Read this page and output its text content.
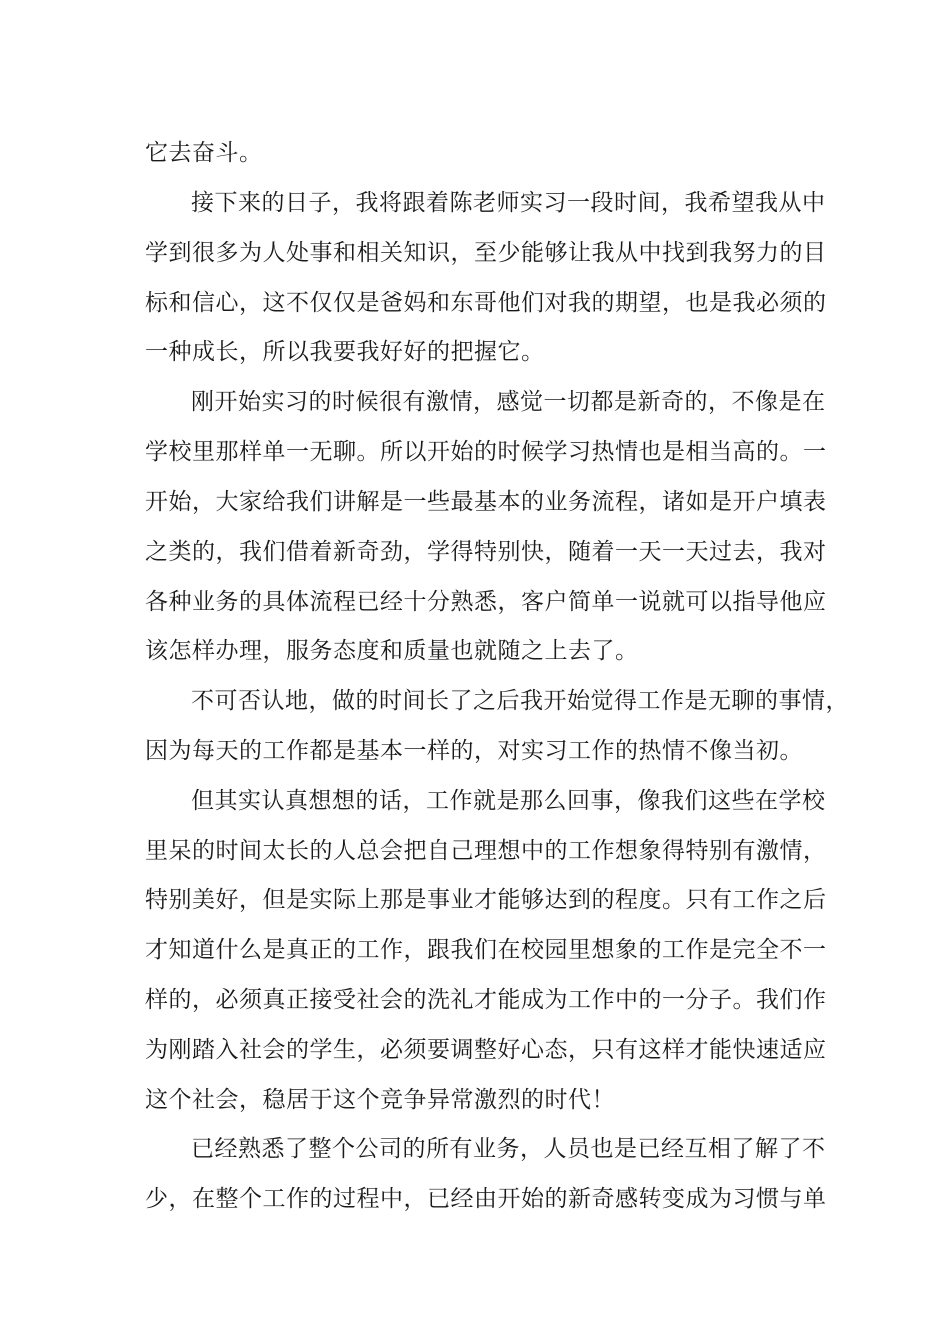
它去奋斗。
接下来的日子，我将跟着陈老师实习一段时间，我希望我从中
学到很多为人处事和相关知识，至少能够让我从中找到我努力的目
标和信心，这不仅仅是爸妈和东哥他们对我的期望，也是我必须的
一种成长，所以我要我好好的把握它。
刚开始实习的时候很有激情，感觉一切都是新奇的，不像是在
学校里那样单一无聊。所以开始的时候学习热情也是相当高的。一
开始，大家给我们讲解是一些最基本的业务流程，诸如是开户填表
之类的，我们借着新奇劲，学得特别快，随着一天一天过去，我对
各种业务的具体流程已经十分熟悉，客户简单一说就可以指导他应
该怎样办理，服务态度和质量也就随之上去了。
不可否认地，做的时间长了之后我开始觉得工作是无聊的事情，
因为每天的工作都是基本一样的，对实习工作的热情不像当初。
但其实认真想想的话，工作就是那么回事，像我们这些在学校
里呆的时间太长的人总会把自己理想中的工作想象得特别有激情，
特别美好，但是实际上那是事业才能够达到的程度。只有工作之后
才知道什么是真正的工作，跟我们在校园里想象的工作是完全不一
样的，必须真正接受社会的洗礼才能成为工作中的一分子。我们作
为刚踏入社会的学生，必须要调整好心态，只有这样才能快速适应
这个社会，稳居于这个竞争异常激烈的时代！
已经熟悉了整个公司的所有业务，人员也是已经互相了解了不
少，在整个工作的过程中，已经由开始的新奇感转变成为习惯与单
